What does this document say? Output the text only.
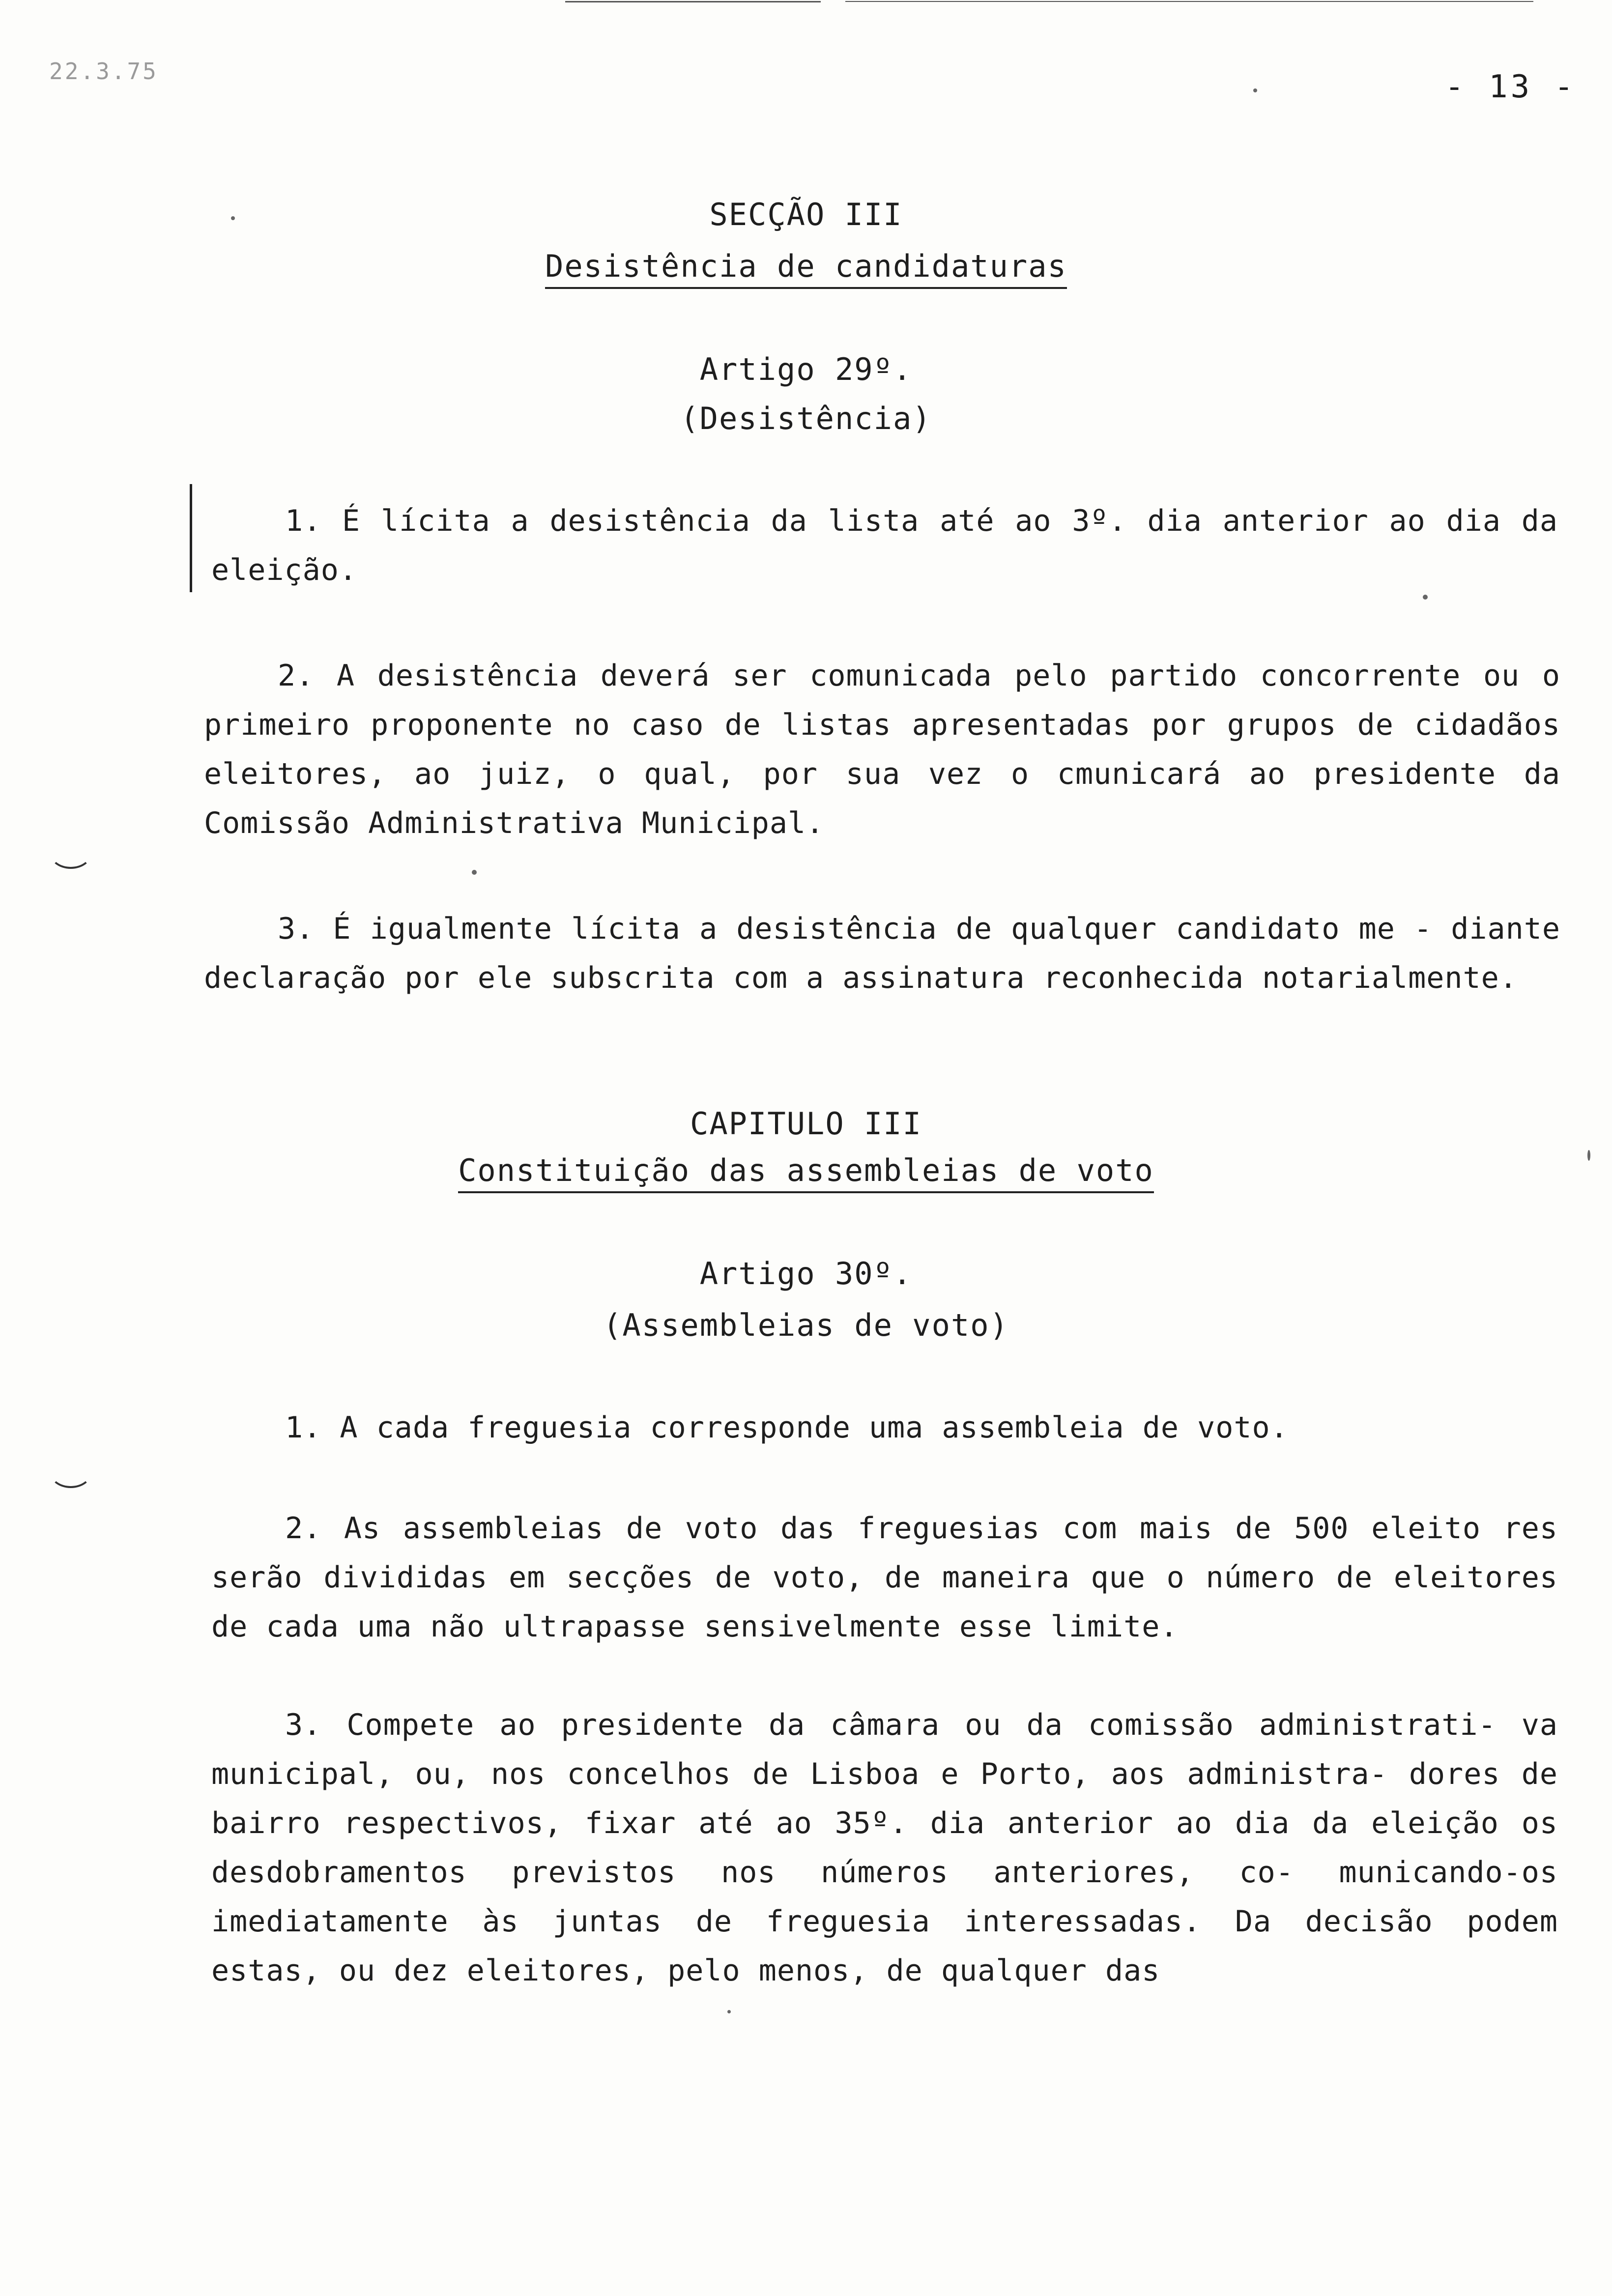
22.3.75	- 13 -
SECÇÃO III
Desistência de candidaturas
Artigo 29º.
(Desistência)
1. É lícita a desistência da lista até ao 3º. dia anterior ao dia da eleição.
2. A desistência deverá ser comunicada pelo partido concorrente ou o primeiro proponente no caso de listas apresentadas por grupos de cidadãos eleitores, ao juiz, o qual, por sua vez o cmunicará ao presidente da Comissão Administrativa Municipal.
3. É igualmente lícita a desistência de qualquer candidato me - diante declaração por ele subscrita com a assinatura reconhecida notarialmente.
CAPITULO III
Constituição das assembleias de voto
Artigo 30º.
(Assembleias de voto)
1. A cada freguesia corresponde uma assembleia de voto.
2. As assembleias de voto das freguesias com mais de 500 eleito res serão divididas em secções de voto, de maneira que o número de eleitores de cada uma não ultrapasse sensivelmente esse limite.
3. Compete ao presidente da câmara ou da comissão administrati- va municipal, ou, nos concelhos de Lisboa e Porto, aos administra- dores de bairro respectivos, fixar até ao 35º. dia anterior ao dia da eleição os desdobramentos previstos nos números anteriores, co- municando-os imediatamente às juntas de freguesia interessadas. Da decisão podem estas, ou dez eleitores, pelo menos, de qualquer das
